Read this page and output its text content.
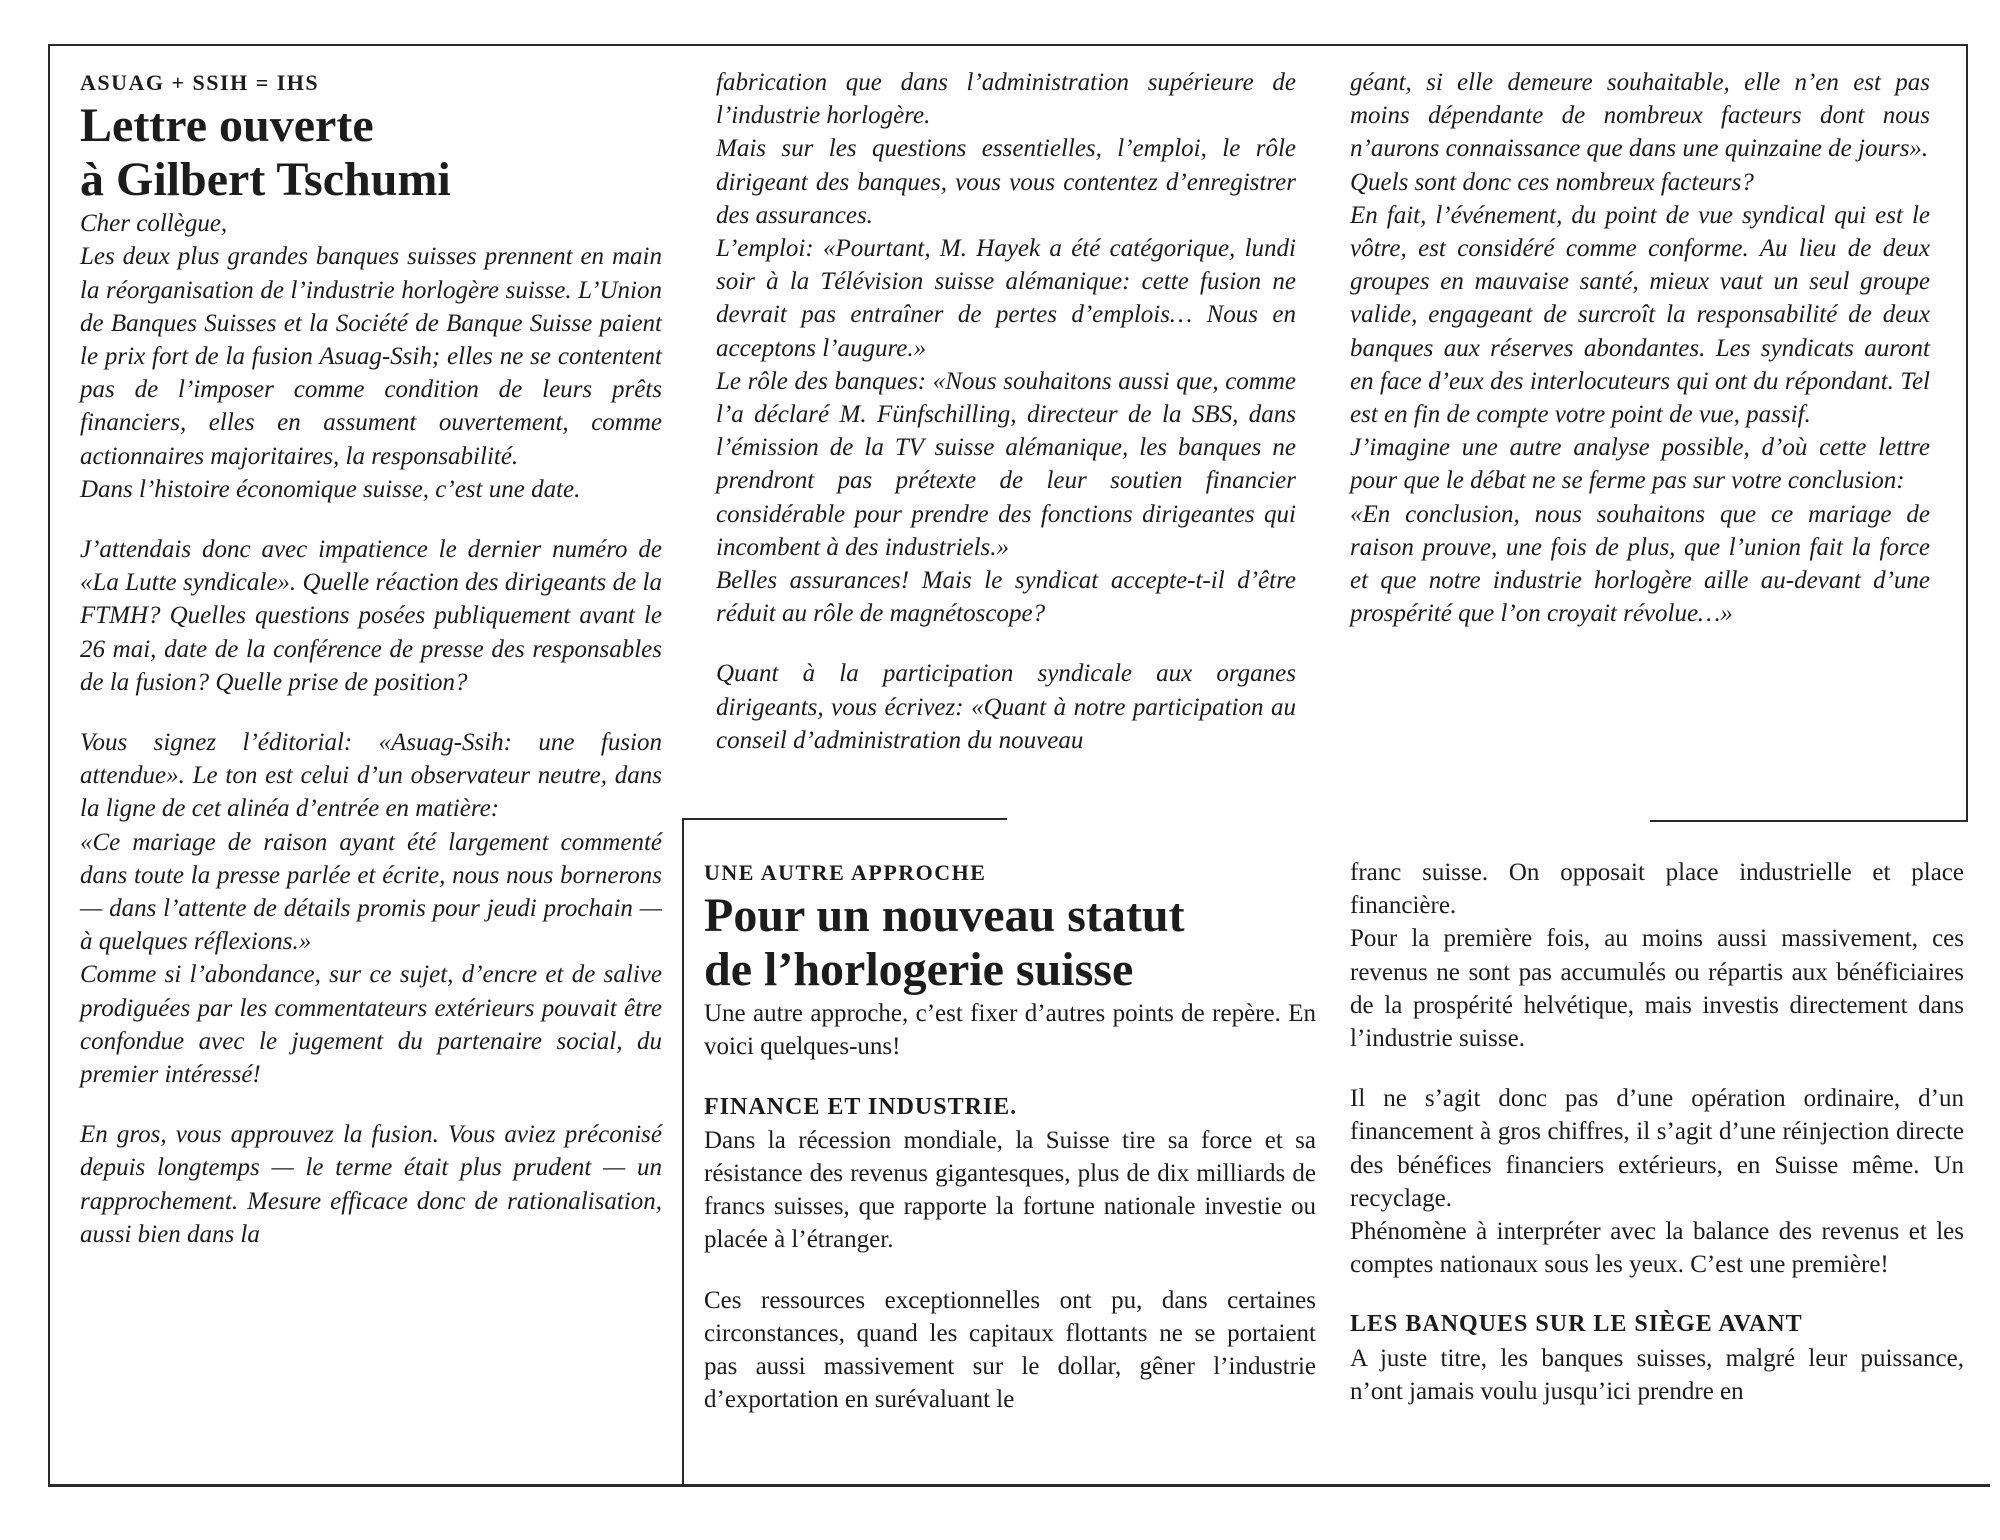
ASUAG + SSIH = IHS

Lettre ouverte
à Gilbert Tschumi

Cher collègue,
Les deux plus grandes banques suisses prennent en main la réorganisation de l’industrie horlogère suisse. L’Union de Banques Suisses et la Société de Banque Suisse paient le prix fort de la fusion Asuag-Ssih; elles ne se contentent pas de l’imposer comme condition de leurs prêts financiers, elles en assument ouvertement, comme actionnaires majoritaires, la responsabilité.
Dans l’histoire économique suisse, c’est une date.

J’attendais donc avec impatience le dernier numéro de «La Lutte syndicale». Quelle réaction des dirigeants de la FTMH? Quelles questions posées publiquement avant le 26 mai, date de la conférence de presse des responsables de la fusion? Quelle prise de position?

Vous signez l’éditorial: «Asuag-Ssih: une fusion attendue». Le ton est celui d’un observateur neutre, dans la ligne de cet alinéa d’entrée en matière:
«Ce mariage de raison ayant été largement commenté dans toute la presse parlée et écrite, nous nous bornerons — dans l’attente de détails promis pour jeudi prochain — à quelques réflexions.»
Comme si l’abondance, sur ce sujet, d’encre et de salive prodiguées par les commentateurs extérieurs pouvait être confondue avec le jugement du partenaire social, du premier intéressé!

En gros, vous approuvez la fusion. Vous aviez préconisé depuis longtemps — le terme était plus prudent — un rapprochement. Mesure efficace donc de rationalisation, aussi bien dans la

fabrication que dans l’administration supérieure de l’industrie horlogère.
Mais sur les questions essentielles, l’emploi, le rôle dirigeant des banques, vous vous contentez d’enregistrer des assurances.
L’emploi: «Pourtant, M. Hayek a été catégorique, lundi soir à la Télévision suisse alémanique: cette fusion ne devrait pas entraîner de pertes d’emplois… Nous en acceptons l’augure.»
Le rôle des banques: «Nous souhaitons aussi que, comme l’a déclaré M. Fünfschilling, directeur de la SBS, dans l’émission de la TV suisse alémanique, les banques ne prendront pas prétexte de leur soutien financier considérable pour prendre des fonctions dirigeantes qui incombent à des industriels.»
Belles assurances! Mais le syndicat accepte-t-il d’être réduit au rôle de magnétoscope?

Quant à la participation syndicale aux organes dirigeants, vous écrivez: «Quant à notre participation au conseil d’administration du nouveau

géant, si elle demeure souhaitable, elle n’en est pas moins dépendante de nombreux facteurs dont nous n’aurons connaissance que dans une quinzaine de jours».
Quels sont donc ces nombreux facteurs?
En fait, l’événement, du point de vue syndical qui est le vôtre, est considéré comme conforme. Au lieu de deux groupes en mauvaise santé, mieux vaut un seul groupe valide, engageant de surcroît la responsabilité de deux banques aux réserves abondantes. Les syndicats auront en face d’eux des interlocuteurs qui ont du répondant. Tel est en fin de compte votre point de vue, passif.
J’imagine une autre analyse possible, d’où cette lettre pour que le débat ne se ferme pas sur votre conclusion:
«En conclusion, nous souhaitons que ce mariage de raison prouve, une fois de plus, que l’union fait la force et que notre industrie horlogère aille au-devant d’une prospérité que l’on croyait révolue…»

UNE AUTRE APPROCHE

Pour un nouveau statut
de l’horlogerie suisse

Une autre approche, c’est fixer d’autres points de repère. En voici quelques-uns!

FINANCE ET INDUSTRIE.

Dans la récession mondiale, la Suisse tire sa force et sa résistance des revenus gigantesques, plus de dix milliards de francs suisses, que rapporte la fortune nationale investie ou placée à l’étranger.

Ces ressources exceptionnelles ont pu, dans certaines circonstances, quand les capitaux flottants ne se portaient pas aussi massivement sur le dollar, gêner l’industrie d’exportation en surévaluant le

franc suisse. On opposait place industrielle et place financière.
Pour la première fois, au moins aussi massivement, ces revenus ne sont pas accumulés ou répartis aux bénéficiaires de la prospérité helvétique, mais investis directement dans l’industrie suisse.

Il ne s’agit donc pas d’une opération ordinaire, d’un financement à gros chiffres, il s’agit d’une réinjection directe des bénéfices financiers extérieurs, en Suisse même. Un recyclage.
Phénomène à interpréter avec la balance des revenus et les comptes nationaux sous les yeux. C’est une première!

LES BANQUES SUR LE SIÈGE AVANT

A juste titre, les banques suisses, malgré leur puissance, n’ont jamais voulu jusqu’ici prendre en
